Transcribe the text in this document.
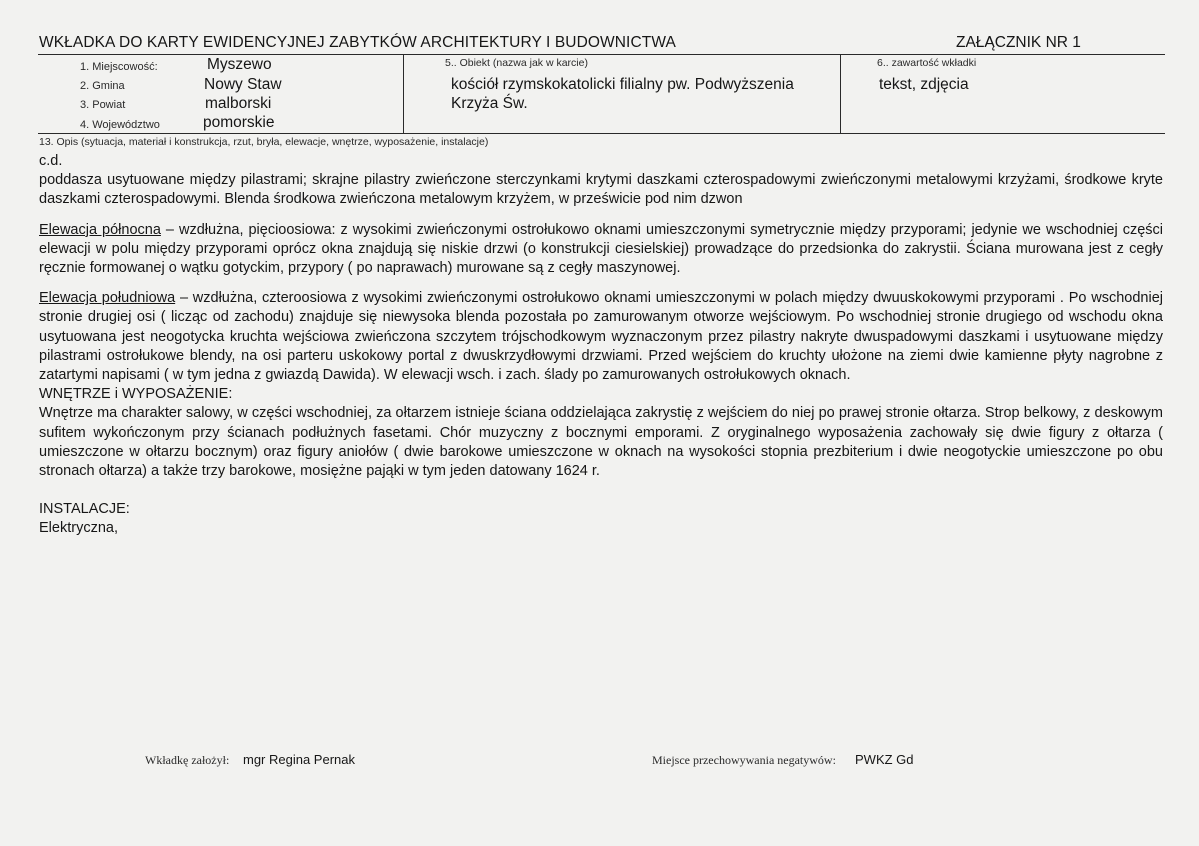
WKŁADKA DO KARTY EWIDENCYJNEJ ZABYTKÓW ARCHITEKTURY I BUDOWNICTWA	ZAŁĄCZNIK NR 1
1. Miejscowość:	Myszewo
2. Gmina	Nowy Staw
3. Powiat	malborski
4. Województwo	pomorskie
5.. Obiekt (nazwa jak w karcie)
kościół rzymskokatolicki filialny pw. Podwyższenia
Krzyża Św.
6.. zawartość wkładki
tekst, zdjęcia
13. Opis (sytuacja, materiał i konstrukcja, rzut, bryła, elewacje, wnętrze, wyposażenie, instalacje)

c.d.

poddasza usytuowane między pilastrami; skrajne pilastry zwieńczone sterczynkami krytymi daszkami czterospadowymi zwieńczonymi metalowymi krzyżami, środkowe kryte daszkami czterospadowymi. Blenda środkowa zwieńczona metalowym krzyżem, w prześwicie pod nim dzwon

Elewacja północna – wzdłużna, pięcioosiowa: z wysokimi zwieńczonymi ostrołukowo oknami umieszczonymi symetrycznie między przyporami; jedynie we wschodniej części elewacji w polu między przyporami oprócz okna znajdują się niskie drzwi (o konstrukcji ciesielskiej) prowadzące do przedsionka do zakrystii. Ściana murowana jest z cegły ręcznie formowanej o wątku gotyckim, przypory ( po naprawach) murowane są z cegły maszynowej.

Elewacja południowa – wzdłużna, czteroosiowa z wysokimi zwieńczonymi ostrołukowo oknami umieszczonymi w polach między dwuuskokowymi przyporami . Po wschodniej stronie drugiej osi ( licząc od zachodu) znajduje się niewysoka blenda pozostała po zamurowanym otworze wejściowym. Po wschodniej stronie drugiego od wschodu okna usytuowana jest neogotycka kruchta wejściowa zwieńczona szczytem trójschodkowym wyznaczonym przez pilastry nakryte dwuspadowymi daszkami i usytuowane między pilastrami ostrołukowe blendy, na osi parteru uskokowy portal z dwuskrzydłowymi drzwiami. Przed wejściem do kruchty ułożone na ziemi dwie kamienne płyty nagrobne z zatartymi napisami ( w tym jedna z gwiazdą Dawida). W elewacji wsch. i zach. ślady po zamurowanych ostrołukowych oknach.

WNĘTRZE i WYPOSAŻENIE:

Wnętrze ma charakter salowy, w części wschodniej, za ołtarzem istnieje ściana oddzielająca zakrystię z wejściem do niej po prawej stronie ołtarza. Strop belkowy, z deskowym sufitem wykończonym przy ścianach podłużnych fasetami. Chór muzyczny z bocznymi emporami. Z oryginalnego wyposażenia zachowały się dwie figury z ołtarza ( umieszczone w ołtarzu bocznym) oraz figury aniołów ( dwie barokowe umieszczone w oknach na wysokości stopnia prezbiterium i dwie neogotyckie umieszczone po obu stronach ołtarza) a także trzy barokowe, mosiężne pająki w tym jeden datowany 1624 r.

INSTALACJE:

Elektryczna,

Wkładkę założył: mgr Regina Pernak	Miejsce przechowywania negatywów: PWKZ Gd
